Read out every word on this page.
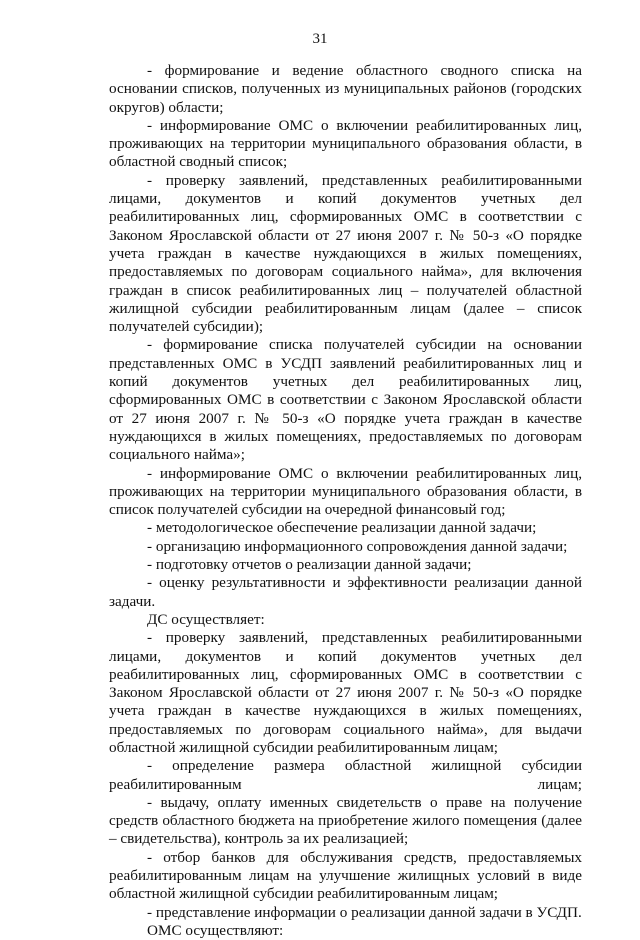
31

- формирование и ведение областного сводного списка на основании списков, полученных из муниципальных районов (городских округов) области;

- информирование ОМС о включении реабилитированных лиц, проживающих на территории муниципального образования области, в областной сводный список;

- проверку заявлений, представленных реабилитированными лицами, документов и копий документов учетных дел реабилитированных лиц, сформированных ОМС в соответствии с Законом Ярославской области от 27 июня 2007 г. № 50-з «О порядке учета граждан в качестве нуждающихся в жилых помещениях, предоставляемых по договорам социального найма», для включения граждан в список реабилитированных лиц – получателей областной жилищной субсидии реабилитированным лицам (далее – список получателей субсидии);

- формирование списка получателей субсидии на основании представленных ОМС в УСДП заявлений реабилитированных лиц и копий документов учетных дел реабилитированных лиц, сформированных ОМС в соответствии с Законом Ярославской области от 27 июня 2007 г. № 50-з «О порядке учета граждан в качестве нуждающихся в жилых помещениях, предоставляемых по договорам социального найма»;

- информирование ОМС о включении реабилитированных лиц, проживающих на территории муниципального образования области, в список получателей субсидии на очередной финансовый год;

- методологическое обеспечение реализации данной задачи;

- организацию информационного сопровождения данной задачи;

- подготовку отчетов о реализации данной задачи;

- оценку результативности и эффективности реализации данной задачи.

ДС осуществляет:

- проверку заявлений, представленных реабилитированными лицами, документов и копий документов учетных дел реабилитированных лиц, сформированных ОМС в соответствии с Законом Ярославской области от 27 июня 2007 г. № 50-з «О порядке учета граждан в качестве нуждающихся в жилых помещениях, предоставляемых по договорам социального найма», для выдачи областной жилищной субсидии реабилитированным лицам;

- определение размера областной жилищной субсидии реабилитированным лицам;

- выдачу, оплату именных свидетельств о праве на получение средств областного бюджета на приобретение жилого помещения (далее – свидетельства), контроль за их реализацией;

- отбор банков для обслуживания средств, предоставляемых реабилитированным лицам на улучшение жилищных условий в виде областной жилищной субсидии реабилитированным лицам;

- представление информации о реализации данной задачи в УСДП.

ОМС осуществляют:
